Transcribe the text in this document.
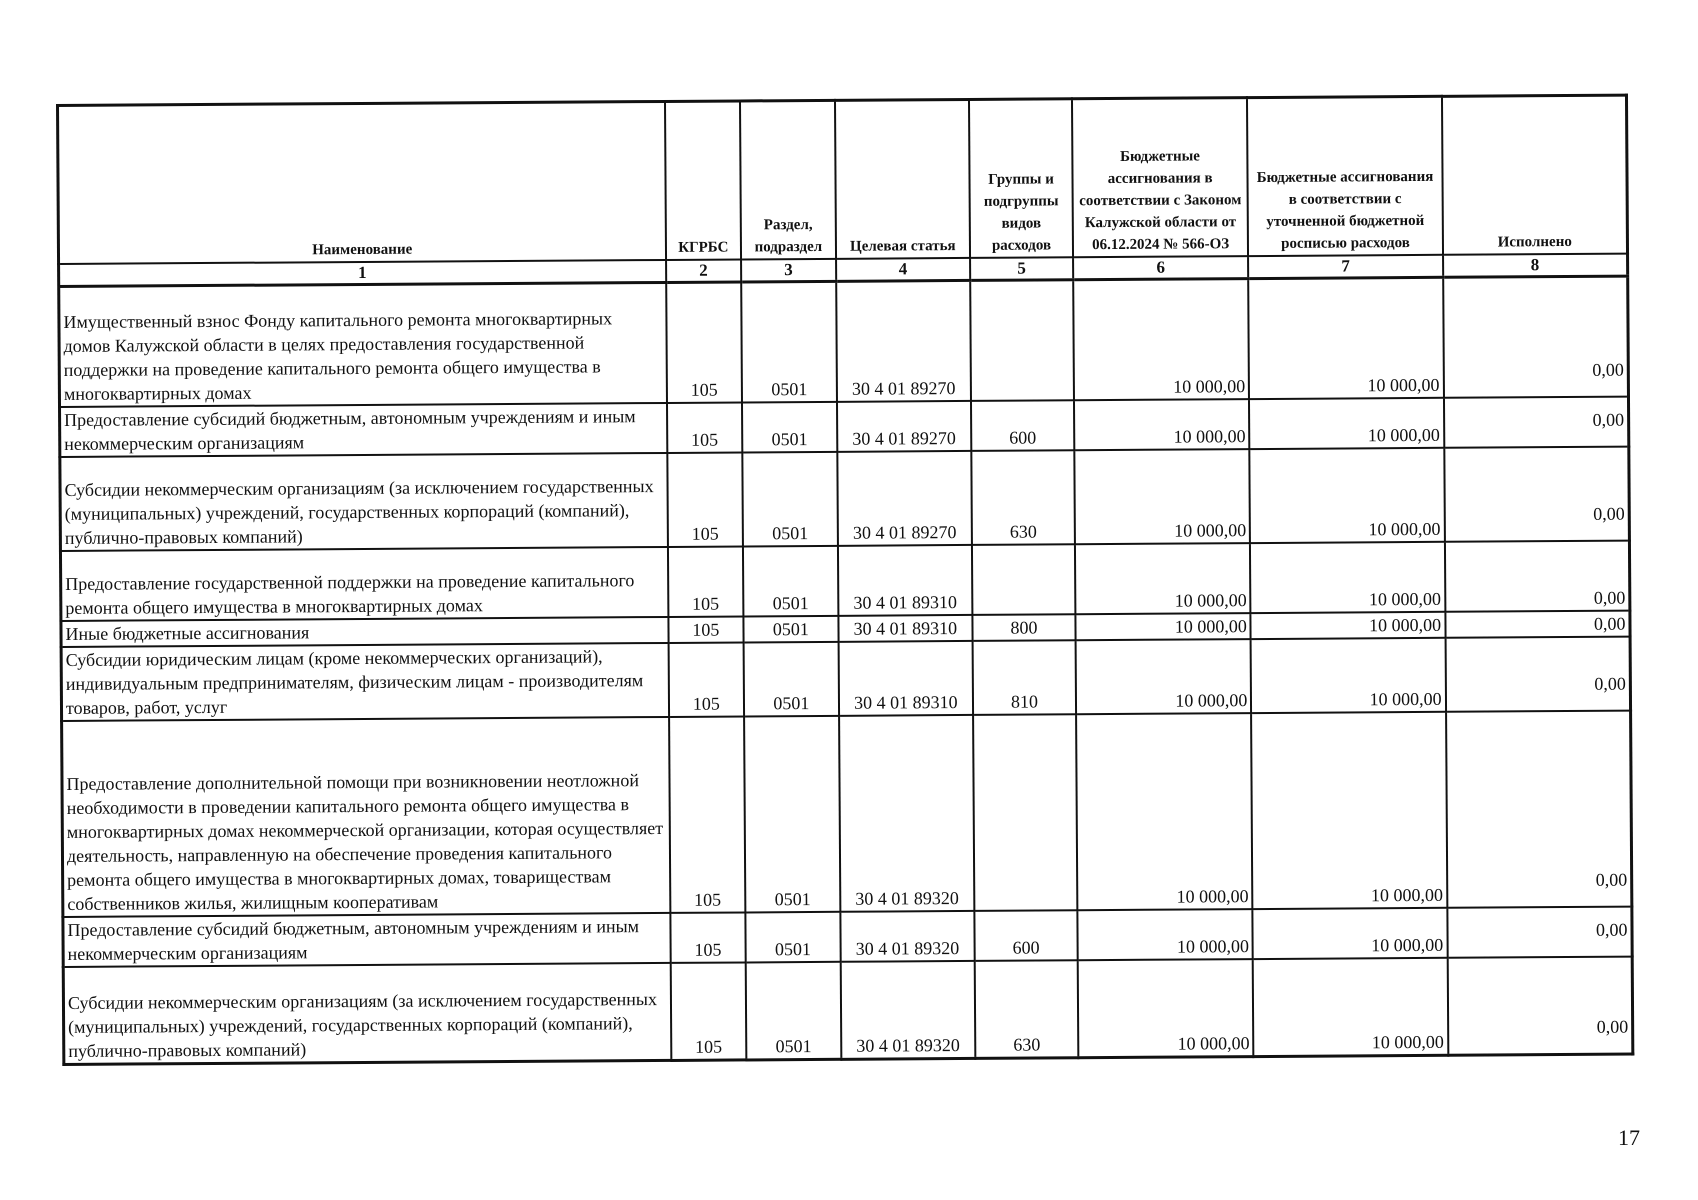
Наименование	КГРБС	Раздел, подраздел	Целевая статья	Группы и подгруппы видов расходов	Бюджетные ассигнования в соответствии с Законом Калужской области от 06.12.2024 № 566-ОЗ	Бюджетные ассигнования в соответствии с уточненной бюджетной росписью расходов	Исполнено
1	2	3	4	5	6	7	8
Имущественный взнос Фонду капитального ремонта многоквартирных домов Калужской области в целях предоставления государственной поддержки на проведение капитального ремонта общего имущества в многоквартирных домах	105	0501	30 4 01 89270		10 000,00	10 000,00	0,00
Предоставление субсидий бюджетным, автономным учреждениям и иным некоммерческим организациям	105	0501	30 4 01 89270	600	10 000,00	10 000,00	0,00
Субсидии некоммерческим организациям (за исключением государственных (муниципальных) учреждений, государственных корпораций (компаний), публично-правовых компаний)	105	0501	30 4 01 89270	630	10 000,00	10 000,00	0,00
Предоставление государственной поддержки на проведение капитального ремонта общего имущества в многоквартирных домах	105	0501	30 4 01 89310		10 000,00	10 000,00	0,00
Иные бюджетные ассигнования	105	0501	30 4 01 89310	800	10 000,00	10 000,00	0,00
Субсидии юридическим лицам (кроме некоммерческих организаций), индивидуальным предпринимателям, физическим лицам - производителям товаров, работ, услуг	105	0501	30 4 01 89310	810	10 000,00	10 000,00	0,00
Предоставление дополнительной помощи при возникновении неотложной необходимости в проведении капитального ремонта общего имущества в многоквартирных домах некоммерческой организации, которая осуществляет деятельность, направленную на обеспечение проведения капитального ремонта общего имущества в многоквартирных домах, товариществам собственников жилья, жилищным кооперативам	105	0501	30 4 01 89320		10 000,00	10 000,00	0,00
Предоставление субсидий бюджетным, автономным учреждениям и иным некоммерческим организациям	105	0501	30 4 01 89320	600	10 000,00	10 000,00	0,00
Субсидии некоммерческим организациям (за исключением государственных (муниципальных) учреждений, государственных корпораций (компаний), публично-правовых компаний)	105	0501	30 4 01 89320	630	10 000,00	10 000,00	0,00
17
